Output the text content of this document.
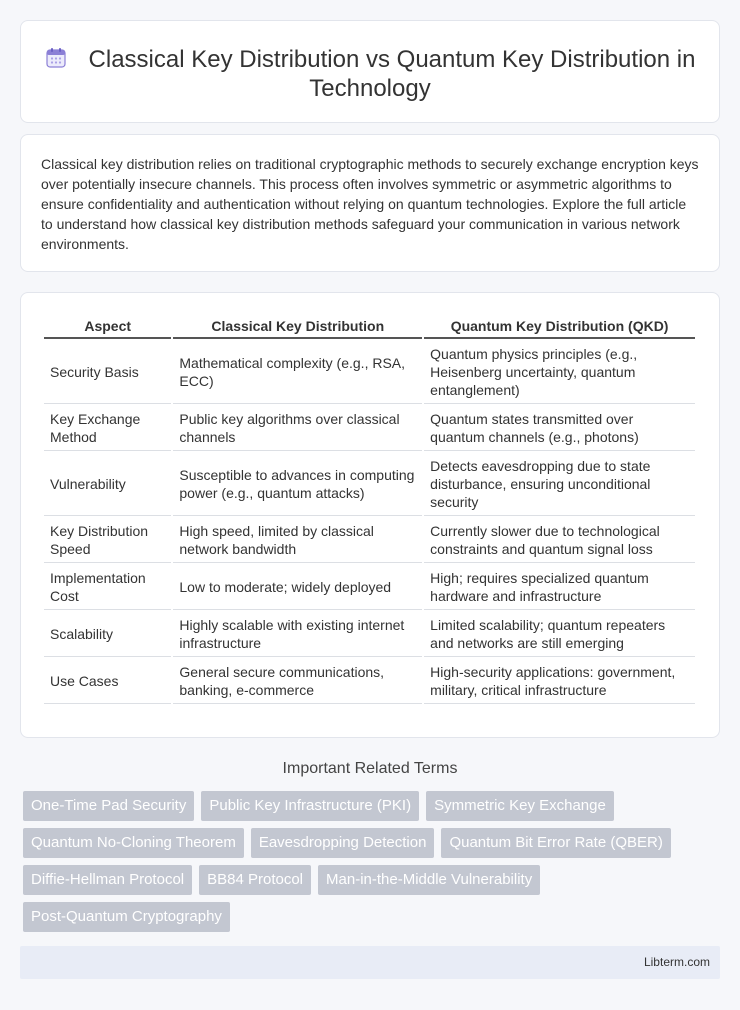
Classical Key Distribution vs Quantum Key Distribution in Technology

Classical key distribution relies on traditional cryptographic methods to securely exchange encryption keys over potentially insecure channels. This process often involves symmetric or asymmetric algorithms to ensure confidentiality and authentication without relying on quantum technologies. Explore the full article to understand how classical key distribution methods safeguard your communication in various network environments.

Aspect	Classical Key Distribution	Quantum Key Distribution (QKD)
Security Basis	Mathematical complexity (e.g., RSA, ECC)	Quantum physics principles (e.g., Heisenberg uncertainty, quantum entanglement)
Key Exchange Method	Public key algorithms over classical channels	Quantum states transmitted over quantum channels (e.g., photons)
Vulnerability	Susceptible to advances in computing power (e.g., quantum attacks)	Detects eavesdropping due to state disturbance, ensuring unconditional security
Key Distribution Speed	High speed, limited by classical network bandwidth	Currently slower due to technological constraints and quantum signal loss
Implementation Cost	Low to moderate; widely deployed	High; requires specialized quantum hardware and infrastructure
Scalability	Highly scalable with existing internet infrastructure	Limited scalability; quantum repeaters and networks are still emerging
Use Cases	General secure communications, banking, e-commerce	High-security applications: government, military, critical infrastructure
Important Related Terms
One-Time Pad Security	Public Key Infrastructure (PKI)	Symmetric Key Exchange
Quantum No-Cloning Theorem	Eavesdropping Detection	Quantum Bit Error Rate (QBER)
Diffie-Hellman Protocol	BB84 Protocol	Man-in-the-Middle Vulnerability
Post-Quantum Cryptography
Libterm.com
